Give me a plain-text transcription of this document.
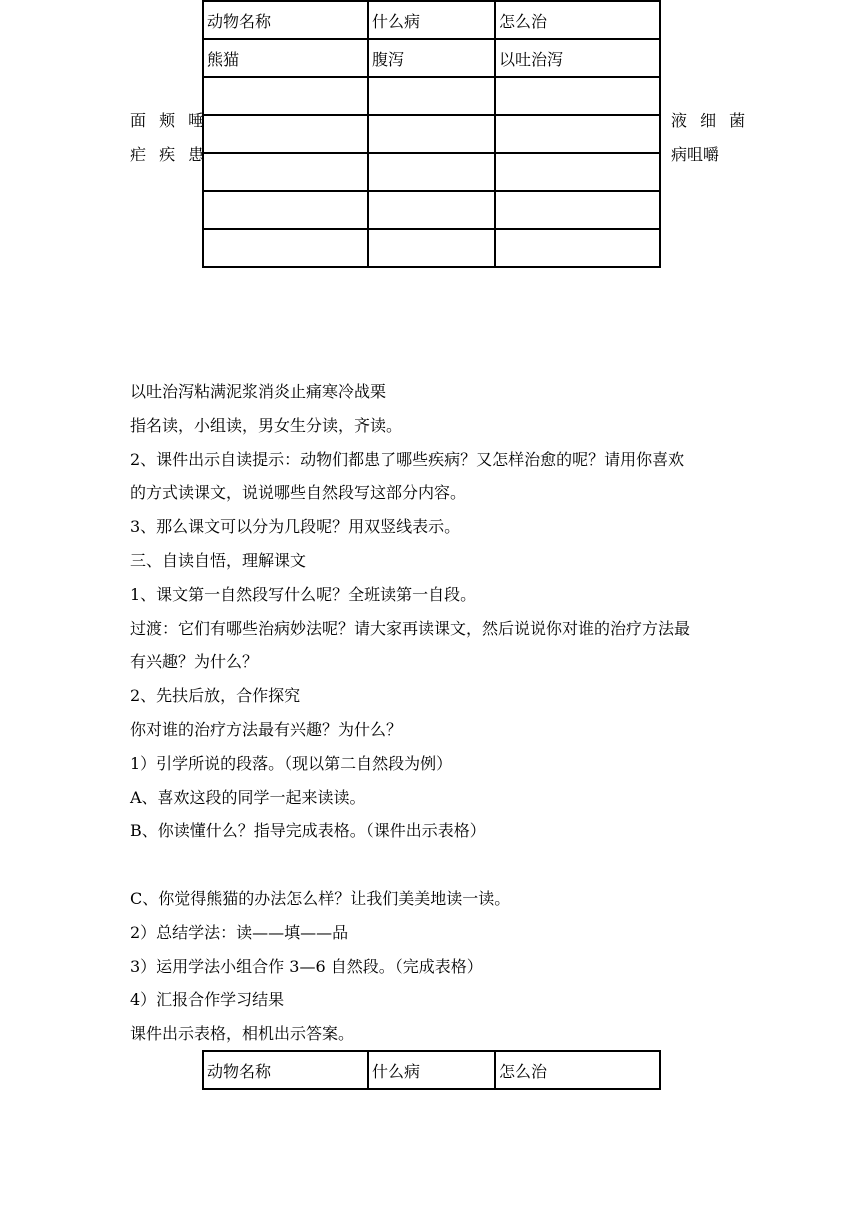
动物名称	什么病	怎么治
熊猫	腹泻	以吐治泻

面 颊 唾
疟 疾 患
液 细 菌
病咀嚼

以吐治泻粘满泥浆消炎止痛寒冷战栗

指名读，小组读，男女生分读，齐读。

2、课件出示自读提示：动物们都患了哪些疾病？又怎样治愈的呢？请用你喜欢

的方式读课文，说说哪些自然段写这部分内容。

3、那么课文可以分为几段呢？用双竖线表示。

三、自读自悟，理解课文

1、课文第一自然段写什么呢？全班读第一自段。

过渡：它们有哪些治病妙法呢？请大家再读课文，然后说说你对谁的治疗方法最

有兴趣？为什么？

2、先扶后放，合作探究

你对谁的治疗方法最有兴趣？为什么？

1）引学所说的段落。（现以第二自然段为例）

A、喜欢这段的同学一起来读读。

B、你读懂什么？指导完成表格。（课件出示表格）

C、你觉得熊猫的办法怎么样？让我们美美地读一读。

2）总结学法：读——填——品

3）运用学法小组合作 3—6 自然段。（完成表格）

4）汇报合作学习结果

课件出示表格，相机出示答案。

动物名称	什么病	怎么治
